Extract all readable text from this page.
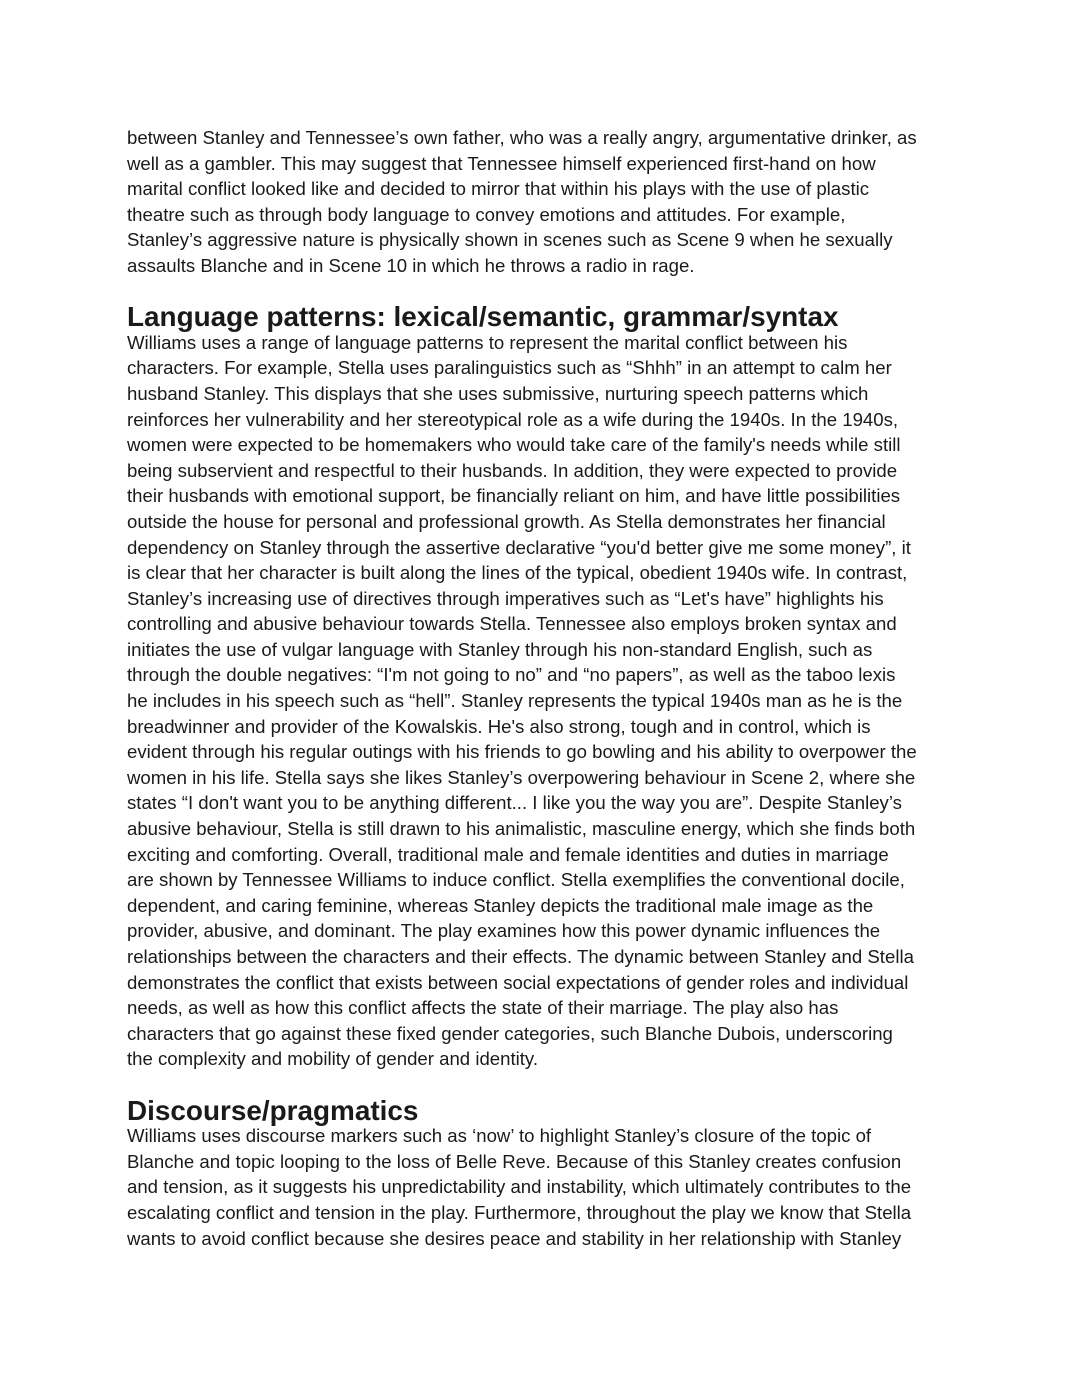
between Stanley and Tennessee’s own father, who was a really angry, argumentative drinker, as
well as a gambler. This may suggest that Tennessee himself experienced first-hand on how
marital conflict looked like and decided to mirror that within his plays with the use of plastic
theatre such as through body language to convey emotions and attitudes. For example,
Stanley’s aggressive nature is physically shown in scenes such as Scene 9 when he sexually
assaults Blanche and in Scene 10 in which he throws a radio in rage.

Language patterns: lexical/semantic, grammar/syntax

Williams uses a range of language patterns to represent the marital conflict between his
characters. For example, Stella uses paralinguistics such as “Shhh” in an attempt to calm her
husband Stanley. This displays that she uses submissive, nurturing speech patterns which
reinforces her vulnerability and her stereotypical role as a wife during the 1940s. In the 1940s,
women were expected to be homemakers who would take care of the family's needs while still
being subservient and respectful to their husbands. In addition, they were expected to provide
their husbands with emotional support, be financially reliant on him, and have little possibilities
outside the house for personal and professional growth. As Stella demonstrates her financial
dependency on Stanley through the assertive declarative “you'd better give me some money”, it
is clear that her character is built along the lines of the typical, obedient 1940s wife. In contrast,
Stanley’s increasing use of directives through imperatives such as “Let's have” highlights his
controlling and abusive behaviour towards Stella. Tennessee also employs broken syntax and
initiates the use of vulgar language with Stanley through his non-standard English, such as
through the double negatives: “I'm not going to no” and “no papers”, as well as the taboo lexis
he includes in his speech such as “hell”. Stanley represents the typical 1940s man as he is the
breadwinner and provider of the Kowalskis. He's also strong, tough and in control, which is
evident through his regular outings with his friends to go bowling and his ability to overpower the
women in his life. Stella says she likes Stanley’s overpowering behaviour in Scene 2, where she
states “I don't want you to be anything different... I like you the way you are”. Despite Stanley’s
abusive behaviour, Stella is still drawn to his animalistic, masculine energy, which she finds both
exciting and comforting. Overall, traditional male and female identities and duties in marriage
are shown by Tennessee Williams to induce conflict. Stella exemplifies the conventional docile,
dependent, and caring feminine, whereas Stanley depicts the traditional male image as the
provider, abusive, and dominant. The play examines how this power dynamic influences the
relationships between the characters and their effects. The dynamic between Stanley and Stella
demonstrates the conflict that exists between social expectations of gender roles and individual
needs, as well as how this conflict affects the state of their marriage. The play also has
characters that go against these fixed gender categories, such Blanche Dubois, underscoring
the complexity and mobility of gender and identity.

Discourse/pragmatics

Williams uses discourse markers such as ‘now’ to highlight Stanley’s closure of the topic of
Blanche and topic looping to the loss of Belle Reve. Because of this Stanley creates confusion
and tension, as it suggests his unpredictability and instability, which ultimately contributes to the
escalating conflict and tension in the play. Furthermore, throughout the play we know that Stella
wants to avoid conflict because she desires peace and stability in her relationship with Stanley
